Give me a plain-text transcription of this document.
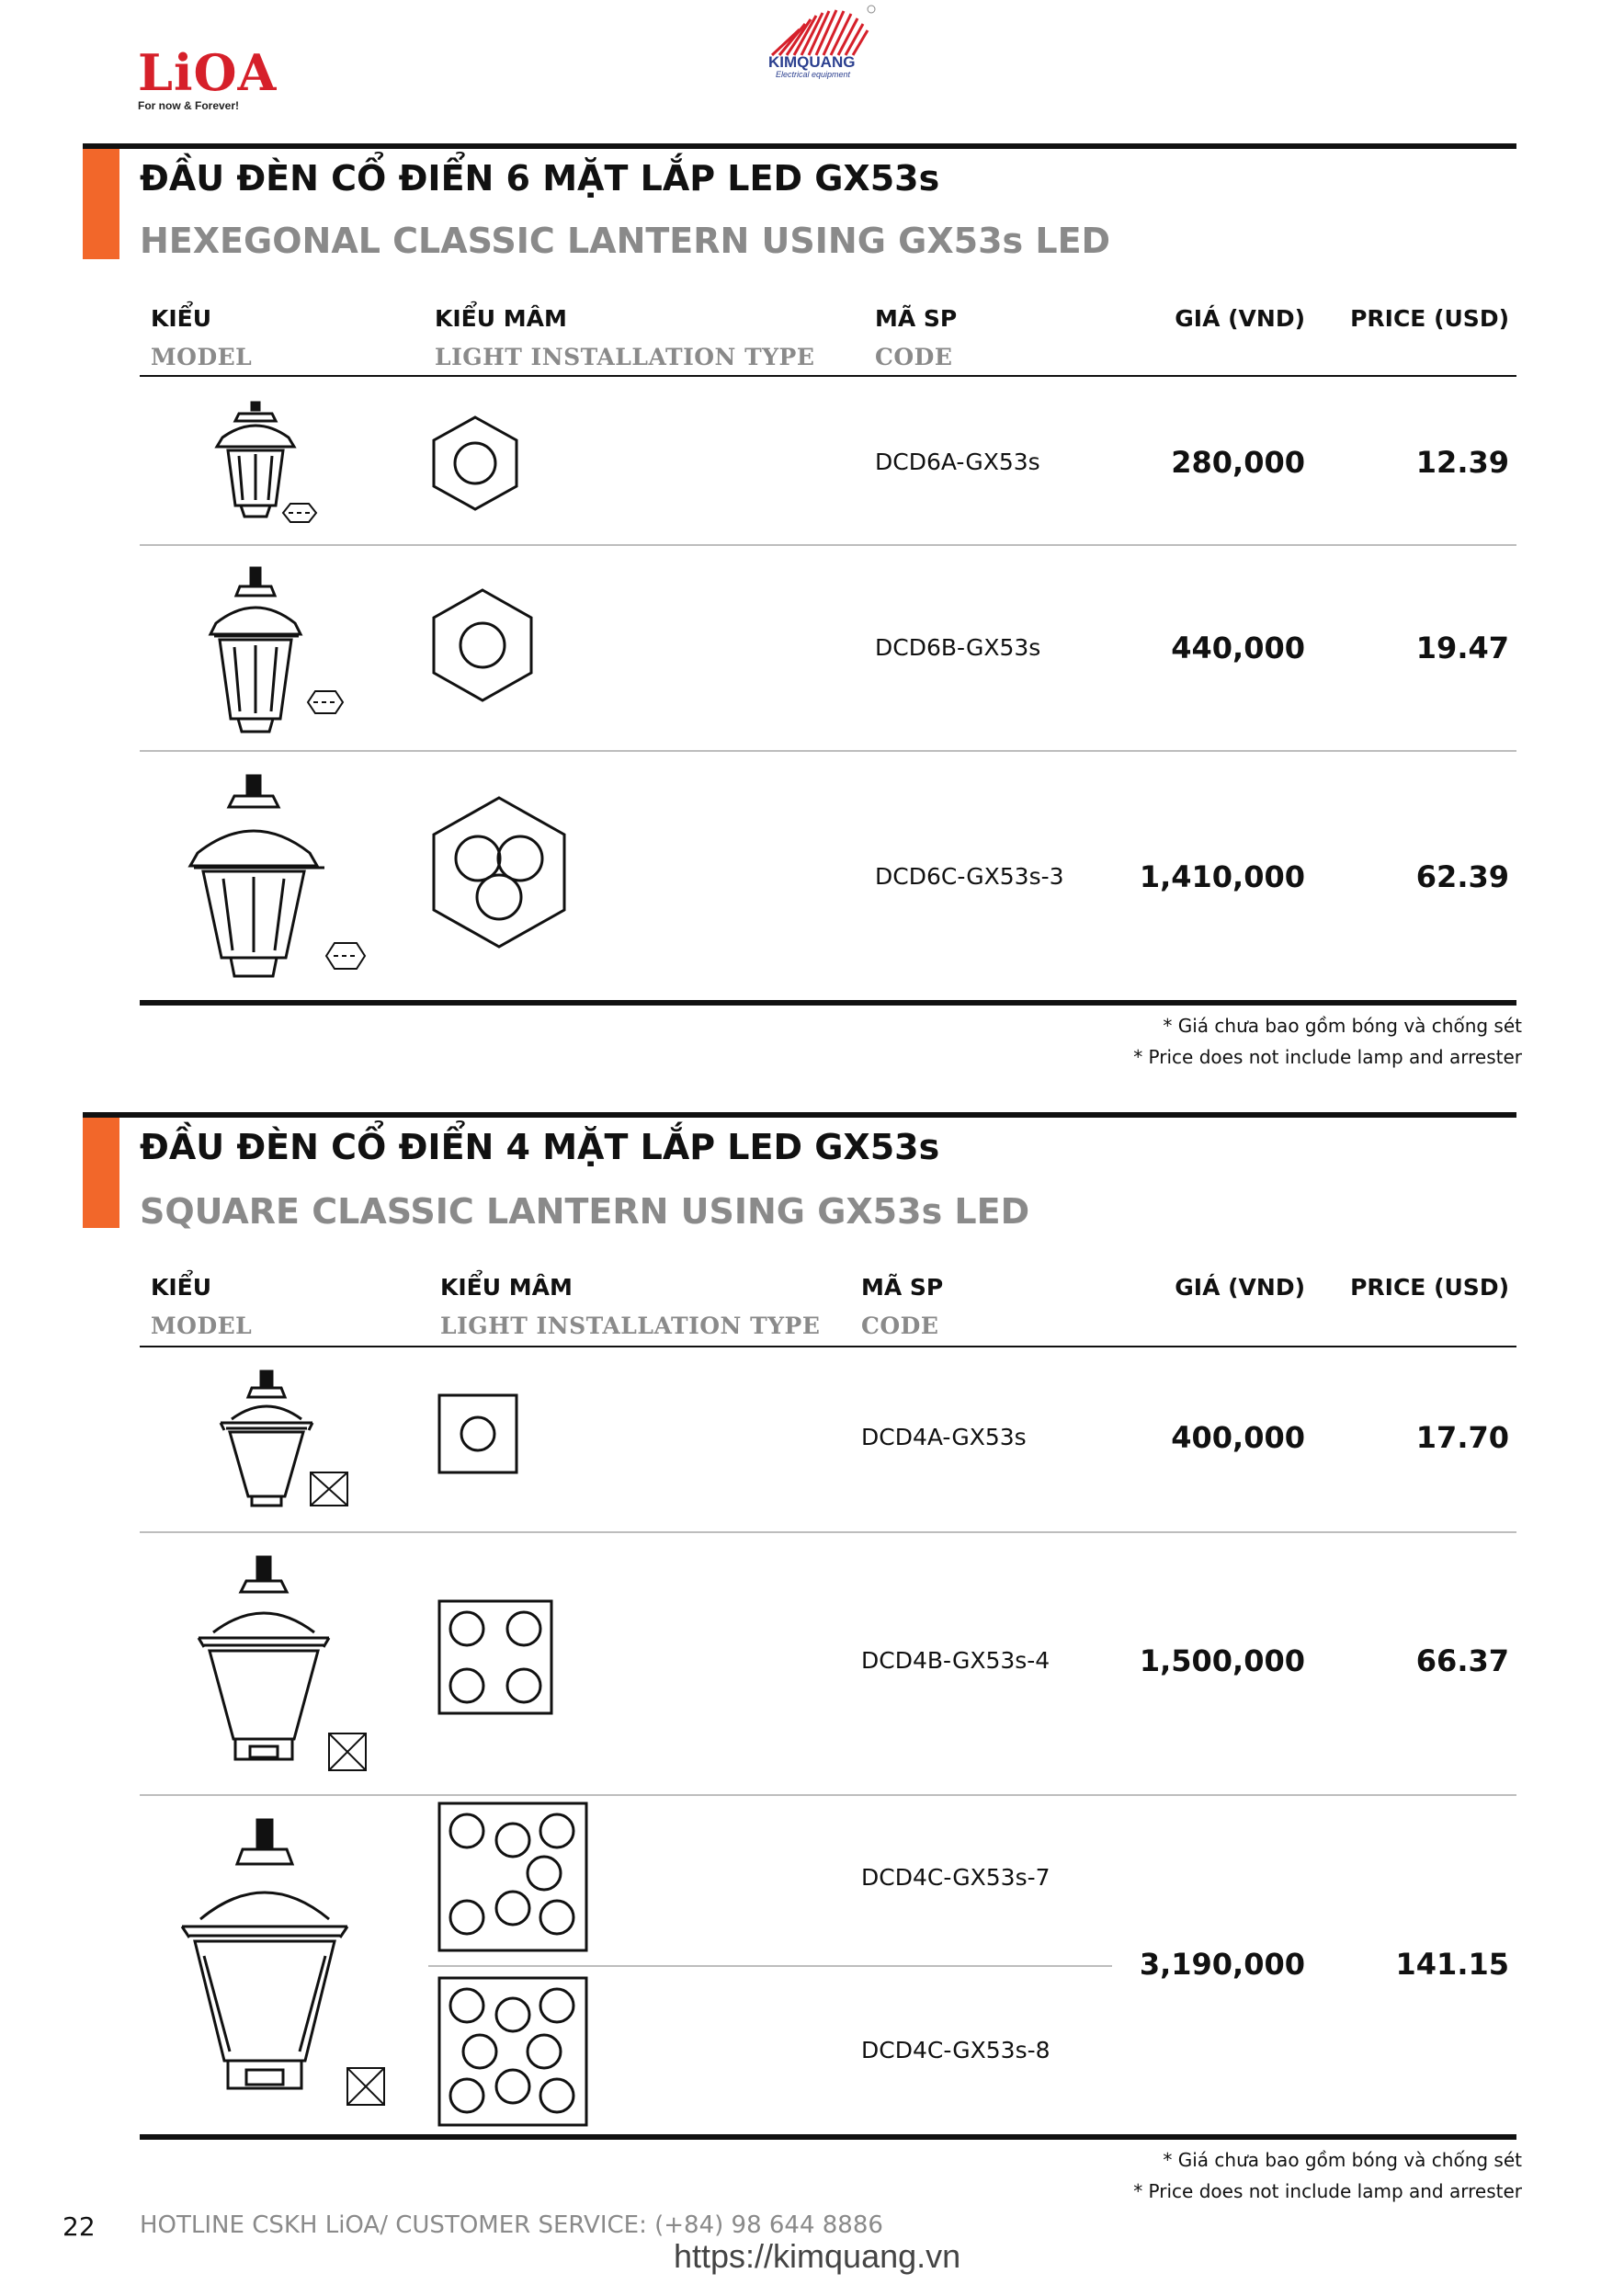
LiOA
For now & Forever!
KIMQUANG
Electrical equipment
ĐẦU ĐÈN CỔ ĐIỂN 6 MẶT LẮP LED GX53s
HEXEGONAL CLASSIC LANTERN USING GX53s LED
KIỂU
MODEL
KIỂU MÂM
LIGHT INSTALLATION TYPE
MÃ SP
CODE
GIÁ (VND)	PRICE (USD)
DCD6A-GX53s	280,000	12.39
DCD6B-GX53s	440,000	19.47
DCD6C-GX53s-3	1,410,000	62.39
* Giá chưa bao gồm bóng và chống sét
* Price does not include lamp and arrester
ĐẦU ĐÈN CỔ ĐIỂN 4 MẶT LẮP LED GX53s
SQUARE CLASSIC LANTERN USING GX53s LED
KIỂU
MODEL
KIỂU MÂM
LIGHT INSTALLATION TYPE
MÃ SP
CODE
GIÁ (VND)	PRICE (USD)
DCD4A-GX53s	400,000	17.70
DCD4B-GX53s-4	1,500,000	66.37
DCD4C-GX53s-7
DCD4C-GX53s-8
3,190,000	141.15
* Giá chưa bao gồm bóng và chống sét
* Price does not include lamp and arrester
22 HOTLINE CSKH LiOA/ CUSTOMER SERVICE: (+84) 98 644 8886
https://kimquang.vn
